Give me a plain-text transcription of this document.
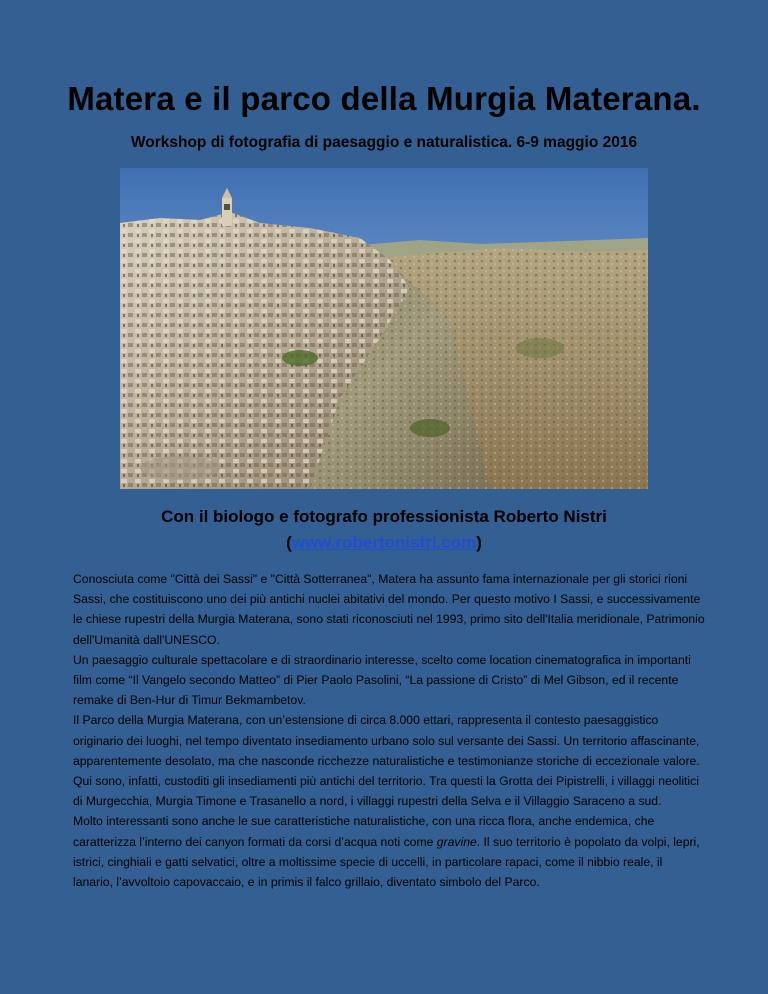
Matera e il parco della Murgia Materana.
Workshop di fotografia di paesaggio e naturalistica. 6-9 maggio 2016

Con il biologo e fotografo professionista Roberto Nistri

(www.robertonistri.com)

Conosciuta come "Città dei Sassi" e "Città Sotterranea", Matera ha assunto fama internazionale per gli storici rioni Sassi, che costituiscono uno dei più antichi nuclei abitativi del mondo. Per questo motivo I Sassi, e successivamente le chiese rupestri della Murgia Materana, sono stati riconosciuti nel 1993, primo sito dell'Italia meridionale, Patrimonio dell'Umanità dall'UNESCO.

Un paesaggio culturale spettacolare e di straordinario interesse, scelto come location cinematografica in importanti film come “Il Vangelo secondo Matteo” di Pier Paolo Pasolini, “La passione di Cristo” di Mel Gibson, ed il recente remake di Ben-Hur di Timur Bekmambetov.

Il Parco della Murgia Materana, con un’estensione di circa 8.000 ettari, rappresenta il contesto paesaggistico originario dei luoghi, nel tempo diventato insediamento urbano solo sul versante dei Sassi. Un territorio affascinante, apparentemente desolato, ma che nasconde ricchezze naturalistiche e testimonianze storiche di eccezionale valore. Qui sono, infatti, custoditi gli insediamenti più antichi del territorio. Tra questi la Grotta dei Pipistrelli, i villaggi neolitici di Murgecchia, Murgia Timone e Trasanello a nord, i villaggi rupestri della Selva e il Villaggio Saraceno a sud.

Molto interessanti sono anche le sue caratteristiche naturalistiche, con una ricca flora, anche endemica, che caratterizza l’interno dei canyon formati da corsi d’acqua noti come gravine. Il suo territorio è popolato da volpi, lepri, istrici, cinghiali e gatti selvatici, oltre a moltissime specie di uccelli, in particolare rapaci, come il nibbio reale, il lanario, l’avvoltoio capovaccaio, e in primis il falco grillaio, diventato simbolo del Parco.
